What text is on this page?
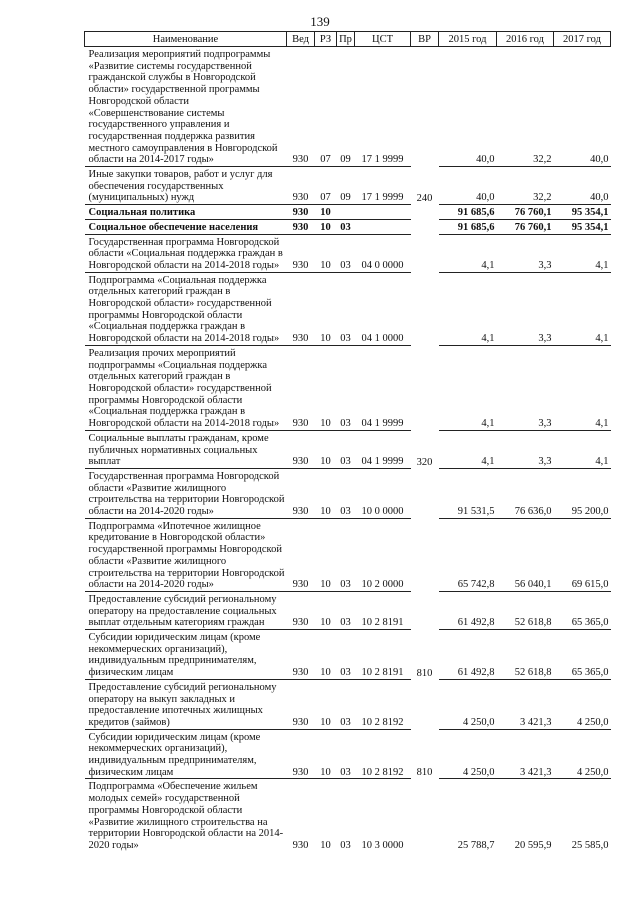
139
Наименование	Вед	РЗ	Пр	ЦСТ	ВР	2015 год	2016 год	2017 год
Реализация мероприятий подпрограммы «Развитие системы государственной гражданской службы в Новгородской области» государственной программы Новгородской области «Совершенствование системы государственного управления и государственная поддержка развития местного самоуправления в Новгородской области на 2014-2017 годы»	930	07	09	17 1 9999		40,0	32,2	40,0
Иные закупки товаров, работ и услуг для обеспечения государственных (муниципальных) нужд	930	07	09	17 1 9999	240	40,0	32,2	40,0
Социальная политика	930	10				91 685,6	76 760,1	95 354,1
Социальное обеспечение населения	930	10	03			91 685,6	76 760,1	95 354,1
Государственная программа Новгородской области «Социальная поддержка граждан в Новгородской области на 2014-2018 годы»	930	10	03	04 0 0000		4,1	3,3	4,1
Подпрограмма «Социальная поддержка отдельных категорий граждан в Новгородской области» государственной программы Новгородской области «Социальная поддержка граждан в Новгородской области на 2014-2018 годы»	930	10	03	04 1 0000		4,1	3,3	4,1
Реализация прочих мероприятий подпрограммы «Социальная поддержка отдельных категорий граждан в Новгородской области» государственной программы Новгородской области «Социальная поддержка граждан в Новгородской области на 2014-2018 годы»	930	10	03	04 1 9999		4,1	3,3	4,1
Социальные выплаты гражданам, кроме публичных нормативных социальных выплат	930	10	03	04 1 9999	320	4,1	3,3	4,1
Государственная программа Новгородской области «Развитие жилищного строительства на территории Новгородской области на 2014-2020 годы»	930	10	03	10 0 0000		91 531,5	76 636,0	95 200,0
Подпрограмма «Ипотечное жилищное кредитование в Новгородской области» государственной программы Новгородской области «Развитие жилищного строительства на территории Новгородской области на 2014-2020 годы»	930	10	03	10 2 0000		65 742,8	56 040,1	69 615,0
Предоставление субсидий региональному оператору на предоставление социальных выплат отдельным категориям граждан	930	10	03	10 2 8191		61 492,8	52 618,8	65 365,0
Субсидии юридическим лицам (кроме некоммерческих организаций), индивидуальным предпринимателям, физическим лицам	930	10	03	10 2 8191	810	61 492,8	52 618,8	65 365,0
Предоставление субсидий региональному оператору на выкуп закладных и предоставление ипотечных жилищных кредитов (займов)	930	10	03	10 2 8192		4 250,0	3 421,3	4 250,0
Субсидии юридическим лицам (кроме некоммерческих организаций), индивидуальным предпринимателям, физическим лицам	930	10	03	10 2 8192	810	4 250,0	3 421,3	4 250,0
Подпрограмма «Обеспечение жильем молодых семей» государственной программы Новгородской области «Развитие жилищного строительства на территории Новгородской области на 2014-2020 годы»	930	10	03	10 3 0000		25 788,7	20 595,9	25 585,0
